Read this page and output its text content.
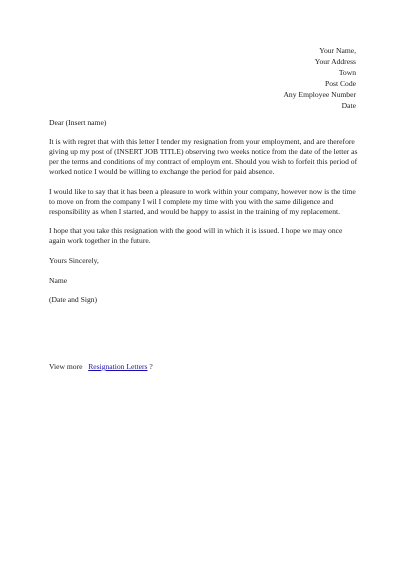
Your Name,
Your Address
Town
Post Code
Any Employee Number
Date

Dear (Insert name)

It is with regret that with this letter I tender my resignation from your employment, and are therefore giving up my post of (INSERT JOB TITLE) observing two weeks notice from the date of the letter as per the terms and conditions of my contract of employm ent. Should you wish to forfeit this period of worked notice I would be willing to exchange the period for paid absence.

I would like to say that it has been a pleasure to work within your company, however now is the time to move on from the company I wil I complete my time with you with the same diligence and responsibility as when I started, and would be happy to assist in the training of my replacement.

I hope that you take this resignation with the good will in which it is issued. I hope we may once again work together in the future.

Yours Sincerely,

Name

(Date and Sign)

View more Resignation Letters ?
